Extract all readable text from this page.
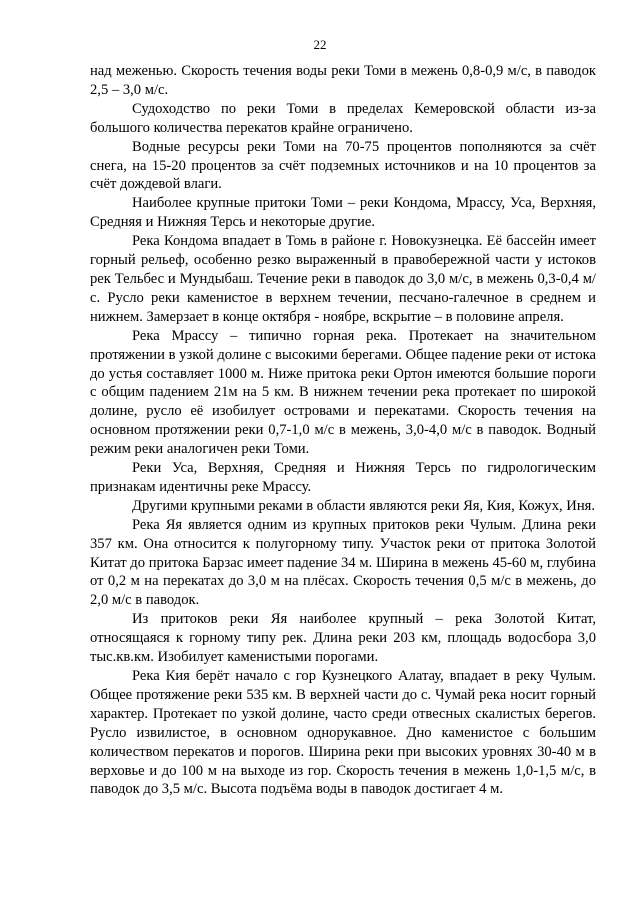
22

над меженью. Скорость течения воды реки Томи в межень 0,8-0,9 м/с, в паводок 2,5 – 3,0 м/с.

Судоходство по реки Томи в пределах Кемеровской области из-за большого количества перекатов крайне ограничено.

Водные ресурсы реки Томи на 70-75 процентов пополняются за счёт снега, на 15-20 процентов за счёт подземных источников и на 10 процентов за счёт дождевой влаги.

Наиболее крупные притоки Томи – реки Кондома, Мрассу, Уса, Верхняя, Средняя и Нижняя Терсь и некоторые другие.

Река Кондома впадает в Томь в районе г. Новокузнецка. Её бассейн имеет горный рельеф, особенно резко выраженный в правобережной части у истоков рек Тельбес и Мундыбаш. Течение реки в паводок до 3,0 м/с, в межень 0,3-0,4 м/с. Русло реки каменистое в верхнем течении, песчано-галечное в среднем и нижнем. Замерзает в конце октября - ноябре, вскрытие – в половине апреля.

Река Мрассу – типично горная река. Протекает на значительном протяжении в узкой долине с высокими берегами. Общее падение реки от истока до устья составляет 1000 м. Ниже притока реки Ортон имеются большие пороги с общим падением 21м на 5 км. В нижнем течении река протекает по широкой долине, русло её изобилует островами и перекатами. Скорость течения на основном протяжении реки 0,7-1,0 м/с в межень, 3,0-4,0 м/с в паводок. Водный режим реки аналогичен реки Томи.

Реки Уса, Верхняя, Средняя и Нижняя Терсь по гидрологическим признакам идентичны реке Мрассу.

Другими крупными реками в области являются реки Яя, Кия, Кожух, Иня.

Река Яя является одним из крупных притоков реки Чулым. Длина реки 357 км. Она относится к полугорному типу. Участок реки от притока Золотой Китат до притока Барзас имеет падение 34 м. Ширина в межень 45-60 м, глубина от 0,2 м на перекатах до 3,0 м на плёсах. Скорость течения 0,5 м/с в межень, до 2,0 м/с в паводок.

Из притоков реки Яя наиболее крупный – река Золотой Китат, относящаяся к горному типу рек. Длина реки 203 км, площадь водосбора 3,0 тыс.кв.км. Изобилует каменистыми порогами.

Река Кия берёт начало с гор Кузнецкого Алатау, впадает в реку Чулым. Общее протяжение реки 535 км. В верхней части до с. Чумай река носит горный характер. Протекает по узкой долине, часто среди отвесных скалистых берегов. Русло извилистое, в основном однорукавное. Дно каменистое с большим количеством перекатов и порогов. Ширина реки при высоких уровнях 30-40 м в верховье и до 100 м на выходе из гор. Скорость течения в межень 1,0-1,5 м/с, в паводок до 3,5 м/с. Высота подъёма воды в паводок достигает 4 м.
